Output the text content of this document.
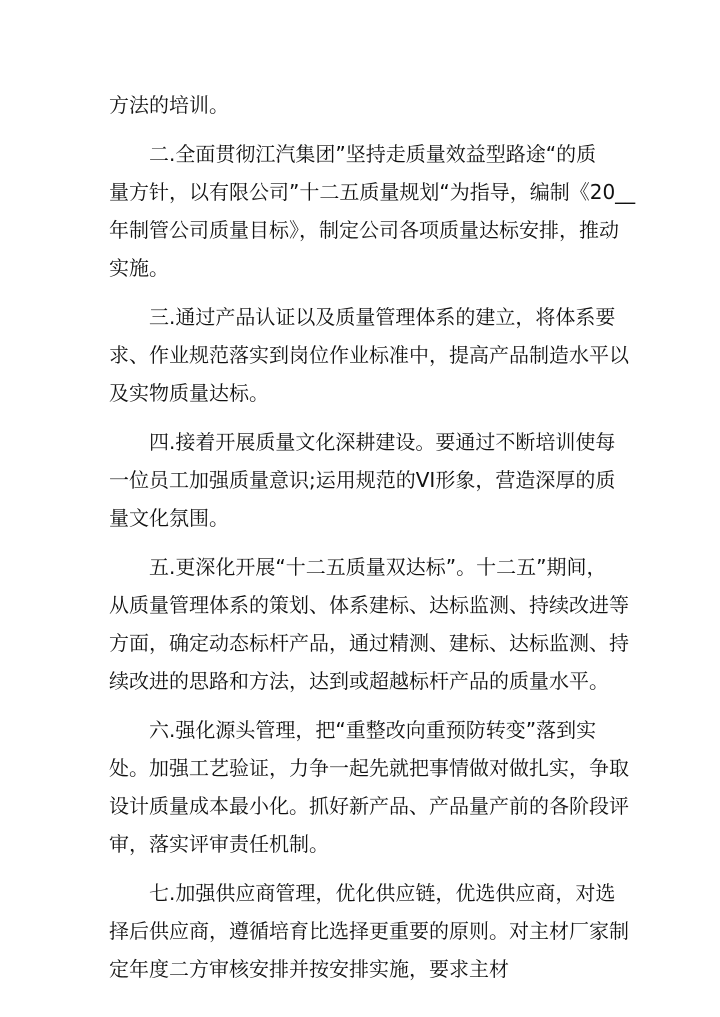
方法的培训。
二.全面贯彻江汽集团”坚持走质量效益型路途“的质
量方针，以有限公司”十二五质量规划“为指导，编制《20__
年制管公司质量目标》，制定公司各项质量达标安排，推动
实施。
三.通过产品认证以及质量管理体系的建立，将体系要
求、作业规范落实到岗位作业标准中，提高产品制造水平以
及实物质量达标。
四.接着开展质量文化深耕建设。要通过不断培训使每
一位员工加强质量意识;运用规范的VI形象，营造深厚的质
量文化氛围。
五.更深化开展“十二五质量双达标”。十二五”期间，
从质量管理体系的策划、体系建标、达标监测、持续改进等
方面，确定动态标杆产品，通过精测、建标、达标监测、持
续改进的思路和方法，达到或超越标杆产品的质量水平。
六.强化源头管理，把“重整改向重预防转变”落到实
处。加强工艺验证，力争一起先就把事情做对做扎实，争取
设计质量成本最小化。抓好新产品、产品量产前的各阶段评
审，落实评审责任机制。
七.加强供应商管理，优化供应链，优选供应商，对选
择后供应商，遵循培育比选择更重要的原则。对主材厂家制
定年度二方审核安排并按安排实施，要求主材
